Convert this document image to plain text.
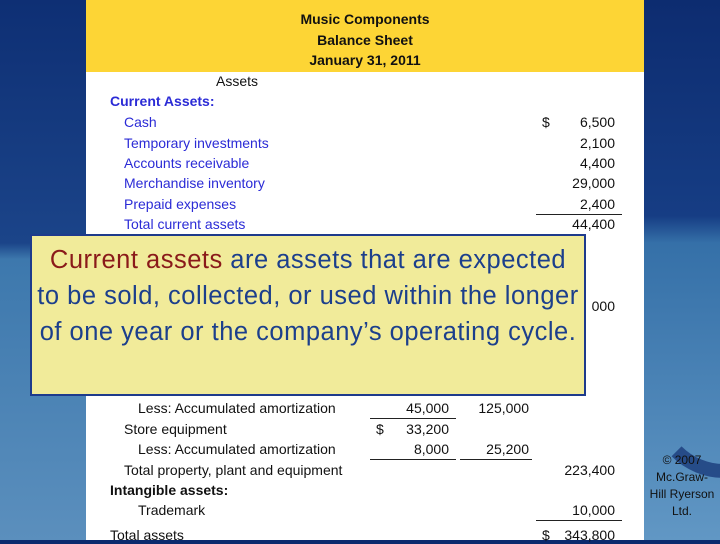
Music Components
Balance Sheet
January 31, 2011
Assets
Current Assets:
Cash	$	6,500
Temporary investments	2,100
Accounts receivable	4,400
Merchandise inventory	29,000
Prepaid expenses	2,400
Total current assets	44,400
000
Less: Accumulated amortization	45,000	125,000
Store equipment	$	33,200
Less: Accumulated amortization	8,000	25,200
Total property, plant and equipment	223,400
Intangible assets:
Trademark	10,000
Total assets	$	343,800
Current assets are assets that are expected to be sold, collected, or used within the longer of one year or the company’s operating cycle.
© 2007 Mc.Graw-Hill Ryerson Ltd.
